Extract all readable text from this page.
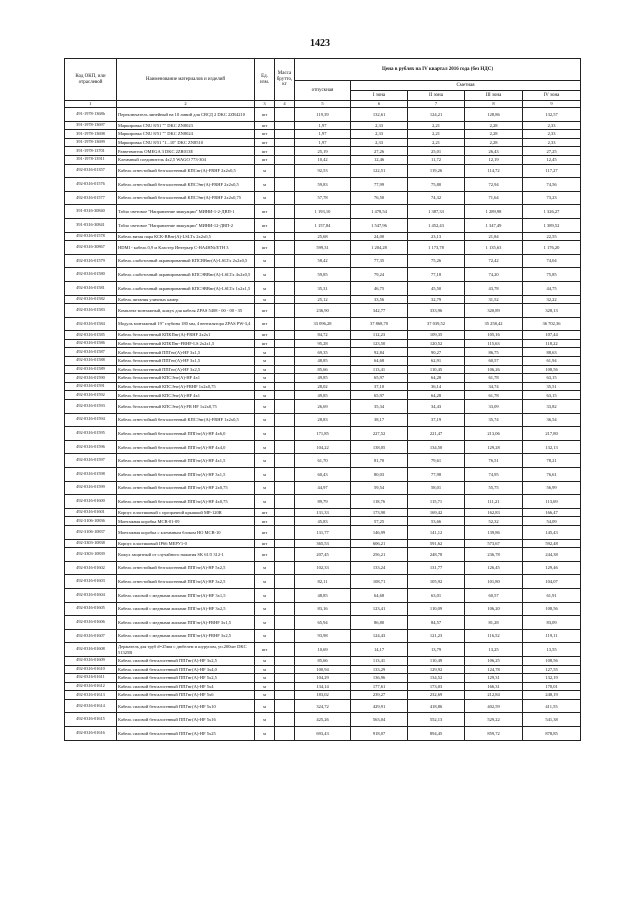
1423
Код ОКП, или отраслевой	Наименование материалов и изделий	Ед. изм.	Масса брутто, кг	Цена в рублях на IV квартал 2016 года (без НДС)				
				отпускная	Сметная			
					I зона	II зона	III зона	IV зона
1	2	3	4	5	6	7	8	9
491-1978-1368h	Переключатель линейный на 10 линий для СВСД 2 DKC 2ZR4210	шт		119,39	132,61	124,21	128,86	132,57
391-1978-13697	Маркировка CNU 8/51 "" DKC ZN8023	шт		1,97	2,33	2,21	2,28	2,33
391-1978-13698	Маркировка CNU 8/51 "" DKC ZN8024	шт		1,97	2,33	2,21	2,28	2,33
391-1978-13699	Маркировка CNU 8/51 "1...10" DKC ZN8510	шт		1,97	2,33	2,21	2,28	2,33
391-1978-13701	Разветвитель OMEGA 3 DKC 2ZR013E	шт		25,19	27,26	25,01	26,43	27,25
391-1978-13911	Клеммный соединитель 4х2,5 WAGO 773-304	шт		10,42	12,46	11,72	12,19	12,45
492-0316-01357	Кабель огнестойкий безгалогенный КПСнг(А)-FRHF 2х2х0,5	м		92,53	122,51	119,26	114,72	117,27
492-0316-01576	Кабель огнестойкий безгалогенный КПСЭнг(А)-FRHF 2х2х0,5	м		59,83	77,99	75,80	72,94	74,56
492-0316-01577	Кабель огнестойкий безгалогенный КПСЭнг(А)-FRHF 2х2х0,75	м		57,78	76,50	74,32	71,64	73,23
391-0316-30840	Табло световое "Направление эвакуации" МИНИ-1-2-ДВП-1	шт		1 193,10	1 478,54	1 387,33	1 289,98	1 326,27
391-0316-30841	Табло световое "Направление эвакуации" МИНИ-12-ДВП-2	шт		1 157,84	1 547,96	1 452,43	1 347,49	1 389,52
492-0316-01578	Кабель витая пара КСК-ВВнг(А)-LSLTx 2х2х0,5	м		25,68	24,00	23,13	21,84	22,55
492-0316-30867	HDMI - кабель 0,9 м Кластер Интерьер С-HA4HNi/ETH 3	шт		599,31	1 204,28	1 173,78	1 135,63	1 176,20
492-0316-01579	Кабель слаботочный экранированный КПСВВнг(А)-LSLTx 2х2х0,5	м		58,42	77,35	75,26	72,42	74,04
492-0316-01580	Кабель слаботочный экранированный КПСЭВВнг(А)-LSLTx 4х2х0,5	м		59,85	79,24	77,18	74,20	75,85
492-0316-01581	Кабель слаботочный экранированный КПСЭВВнг(А)-LSLTx 1х2х1,5	м		35,31	46,75	45,50	43,78	44,75
492-0316-01582	Кабель питания уличных камер	м		25,12	33,56	32,79	31,52	32,22
492-0316-01583	Комплект монтажный, кожух для кабеля ZPAS 5408 - 00 - 00 - 35	шт		236,90	342,77	333,96	320,89	328,13
492-0316-01584	Модуль монтажный 19" глубина 180 мм, 4 вентилятора ZPAS PW-3,4	шт		33 096,28	37 868,70	37 039,52	35 258,42	36 702,36
492-0316-01585	Кабель безгалогенный КПКПнг(А)-FRHF 2х2х1	шт		84,72	112,23	109,35	105,16	107,44
492-0316-01586	Кабель безгалогенный КПКПнг-FRHF-LS 2х2х1,5	шт		95,28	123,50	120,52	115,63	118,22
492-0316-01587	Кабель безгалогенный ППГнг(А)-HF 3х1,5	м		69,35	92,84	90,27	86,75	88,63
492-0316-01588	Кабель безгалогенный ППГнг(А)-HF 3х1,5	м		48,85	64,68	62,91	60,57	61,94
492-0316-01589	Кабель безгалогенный ППГнг(А)-HF 3х2,5	м		85,66	113,41	110,45	106,26	108,56
492-0316-01590	Кабель безгалогенный КПСЭнг(А)-HF 4х1	м		49,85	65,97	64,28	61,78	63,15
492-0316-01591	Кабель безгалогенный КПСЭнг(А)-FRHF 1х2х0,75	м		28,02	37,10	36,14	34,74	35,51
492-0316-01592	Кабель безгалогенный КПСЭнг(А)-HF 4х1	м		49,85	65,97	64,28	61,78	63,15
492-0316-01593	Кабель безгалогенный КПСЭнг(А)-FR HF 1х2х0,75	м		26,69	35,34	34,43	33,09	33,82
492-0316-01594	Кабель огнестойкий безгалогенный КПСЭнг(А)-FRHF 1х2х0,5	м		28,83	38,17	37,19	35,74	36,54
492-0316-01595	Кабель огнестойкий безгалогенный ППГнг(А)-HF 4х6,0	м		171,85	227,52	221,47	213,06	217,80
492-0316-01596	Кабель огнестойкий безгалогенный ППГнг(А)-HF 4х4,0	м		104,22	138,05	134,50	129,28	132,13
492-0316-01597	Кабель огнестойкий безгалогенный ППГнг(А)-HF 4х1,5	м		61,70	81,70	79,61	76,51	78,21
492-0316-01598	Кабель огнестойкий безгалогенный ППГнг(А)-HF 3х1,5	м		60,43	80,03	77,98	74,95	76,61
492-0316-01599	Кабель огнестойкий безгалогенный ППГнг(А)-HF 2х0,75	м		44,97	59,54	58,01	55,75	56,99
492-0316-01600	Кабель огнестойкий безгалогенный ППГнг(А)-HF 4х0,75	м		89,79	118,76	115,71	111,21	113,69
492-0316-01601	Корпус пластиковый с прозрачной крышкой МР-120R	шт		131,33	173,90	169,42	162,83	166,47
492-3106-10836	Монтажная коробка МСВ-01-09	шт		45,83	57,25	53,66	52,32	54,09
492-3106-10837	Монтажная коробка с клеммным блоком НО МСВ-10	шт		131,77	146,99	141,12	139,86	145,43
492-3303-10838	Корпус пластиковый IP66 МЕРУ1-0	шт		365,53	606,21	591,62	573,67	592,48
492-3303-10839	Кожух защитный от случайного нажатия SK 61/5 312-1	шт		207,45	256,21	248,78	236,78	244,38
492-0316-01602	Кабель огнестойкий безгалогенный ППГнг(А)-HF 5х2,5	м		102,33	133,24	131,77	126,45	129,46
492-0316-01603	Кабель огнестойкий безгалогенный ППГнг(А)-HF 3х2,5	м		82,11	108,71	105,92	101,80	104,07
492-0316-01604	Кабель силовой с медными жилами ППГнг(А)-HF 3х1,5	м		48,85	64,68	63,01	60,57	61,91
492-0316-01605	Кабель силовой с медными жилами ППГнг(А)-HF 3х2,5	м		83,16	123,41	110,09	106,20	108,56
492-0316-01606	Кабель силовой с медными жилами ППГнг(А)-FRHF 3х1,5	м		65,94	86,80	84,57	81,28	83,09
492-0316-01607	Кабель силовой с медными жилами ППГнг(А)-FRHF 3х2,5	м		93,98	124,43	121,23	116,52	119,11
492-0316-01608	Держатель для труб d=25мм с дюбелем и шурупом, уп.200шт DKC 51325R	шт		10,69	14,17	13,79	13,25	13,55
492-0316-01609	Кабель силовой безгалогенный ППГнг(А)-HF 3х2,5	м		85,66	113,41	110,49	106,25	108,56
492-0316-01610	Кабель силовой безгалогенный ППГнг(А)-HF 3х4,0	м		100,94	133,29	129,92	124,78	127,55
492-0316-01611	Кабель силовой безгалогенный ППГнг(А)-HF 5х2,5	м		104,29	136,96	134,52	129,31	132,19
492-0316-01612	Кабель силовой безгалогенный ППГнг(А)-HF 5х4	м		134,14	177,61	173,03	166,31	170,01
492-0316-01613	Кабель силовой безгалогенный ППГнг(А)-HF 5х6	м		183,02	239,27	232,69	212,84	248,19
492-0316-01614	Кабель силовой безгалогенный ППГнг(А)-HF 5х10	м		324,72	429,91	418,86	402,59	411,55
492-0316-01615	Кабель силовой безгалогенный ППГнг(А)-HF 5х16	м		425,26	563,04	552,13	529,22	541,38
492-0316-01616	Кабель силовой безгалогенный ППГнг(А)-HF 5х25	м		693,43	918,07	894,45	859,72	878,85
